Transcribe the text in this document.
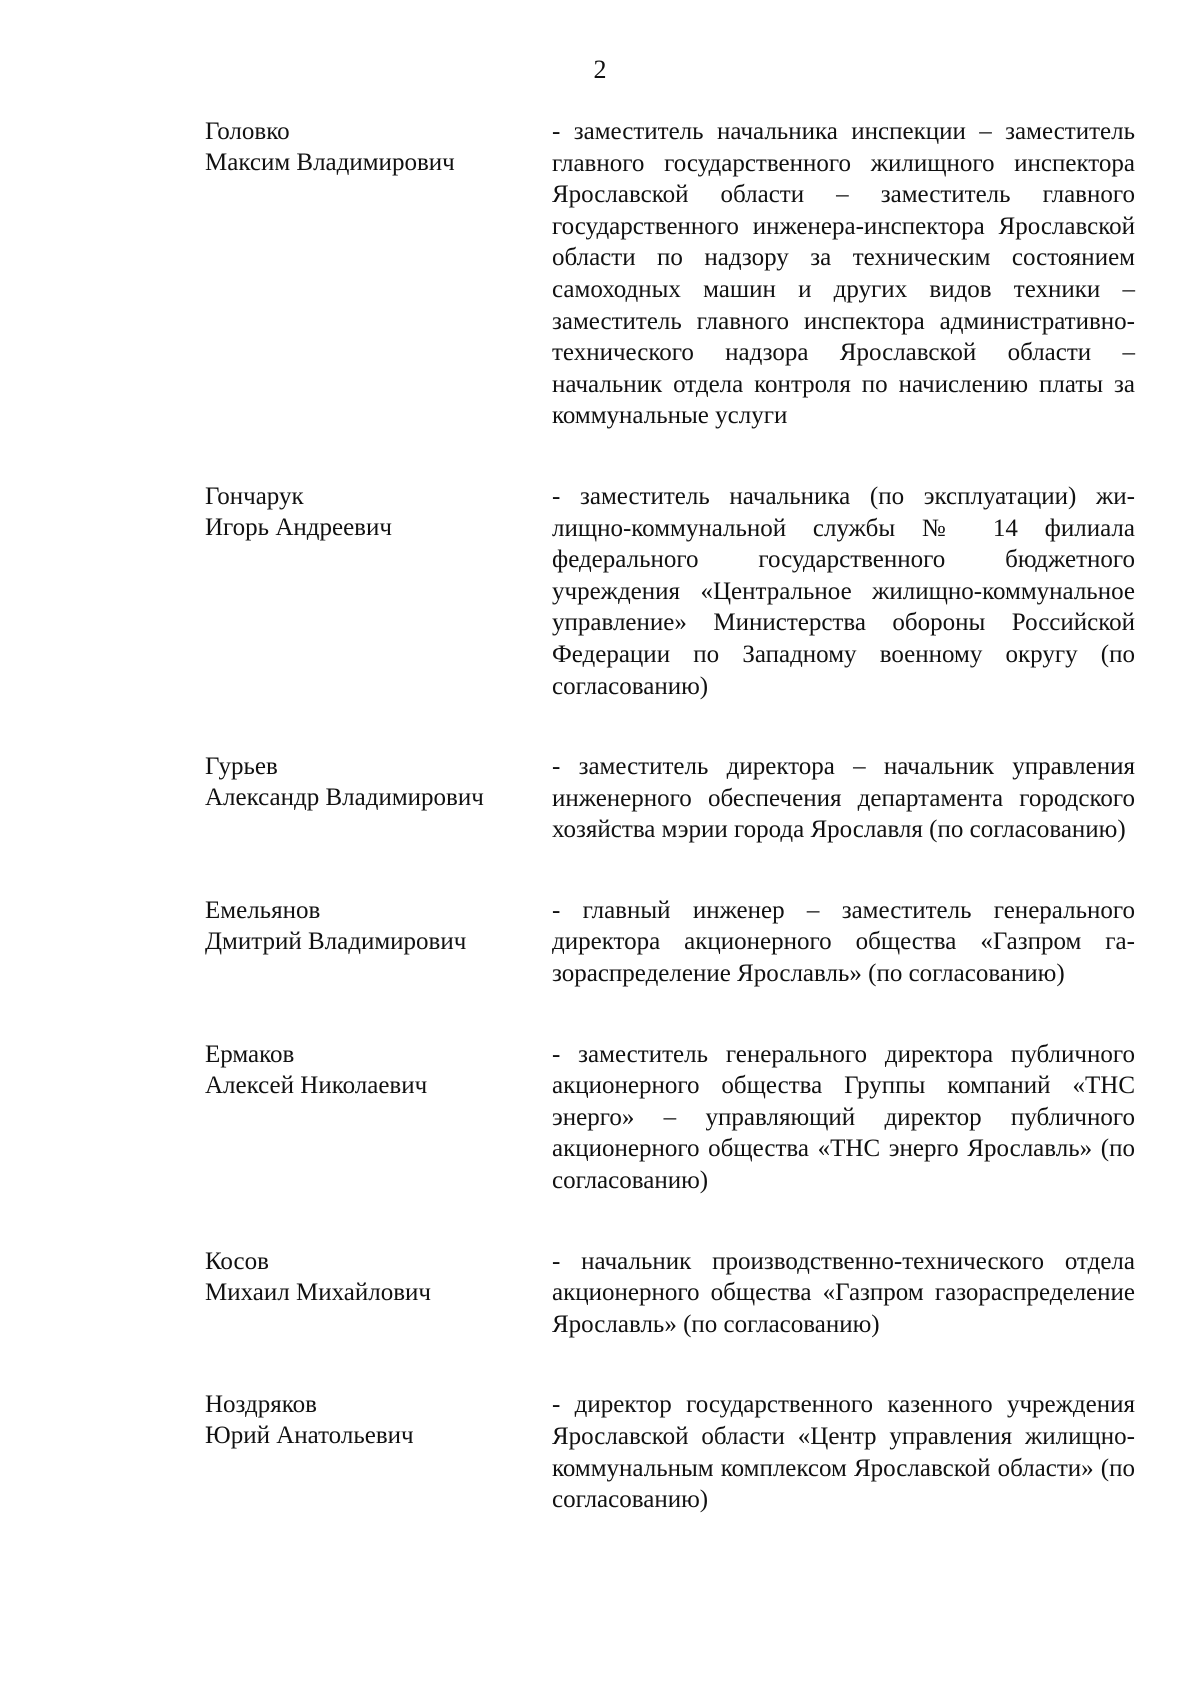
2
Головко
Максим Владимирович
- заместитель начальника инспекции – заместитель главного государственного жилищного инспектора Ярославской области – заместитель главного государственного инженера-инспектора Ярославской области по надзору за техническим состоянием самоходных машин и других видов техники – заместитель главного инспектора административно-технического надзора Ярославской области – начальник отдела контроля по начислению платы за коммунальные услуги
Гончарук
Игорь Андреевич
- заместитель начальника (по эксплуатации) жилищно-коммунальной службы № 14 филиала федерального государственного бюджетного учреждения «Центральное жилищно-коммунальное управление» Министерства обороны Российской Федерации по Западному военному округу (по согласованию)
Гурьев
Александр Владимирович
- заместитель директора – начальник управления инженерного обеспечения департамента городского хозяйства мэрии города Ярославля (по согласованию)
Емельянов
Дмитрий Владимирович
- главный инженер – заместитель генерального директора акционерного общества «Газпром газораспределение Ярославль» (по согласованию)
Ермаков
Алексей Николаевич
- заместитель генерального директора публичного акционерного общества Группы компаний «ТНС энерго» – управляющий директор публичного акционерного общества «ТНС энерго Ярославль» (по согласованию)
Косов
Михаил Михайлович
- начальник производственно-технического отдела акционерного общества «Газпром газораспределение Ярославль» (по согласованию)
Ноздряков
Юрий Анатольевич
- директор государственного казенного учреждения Ярославской области «Центр управления жилищно-коммунальным комплексом Ярославской области» (по согласованию)
